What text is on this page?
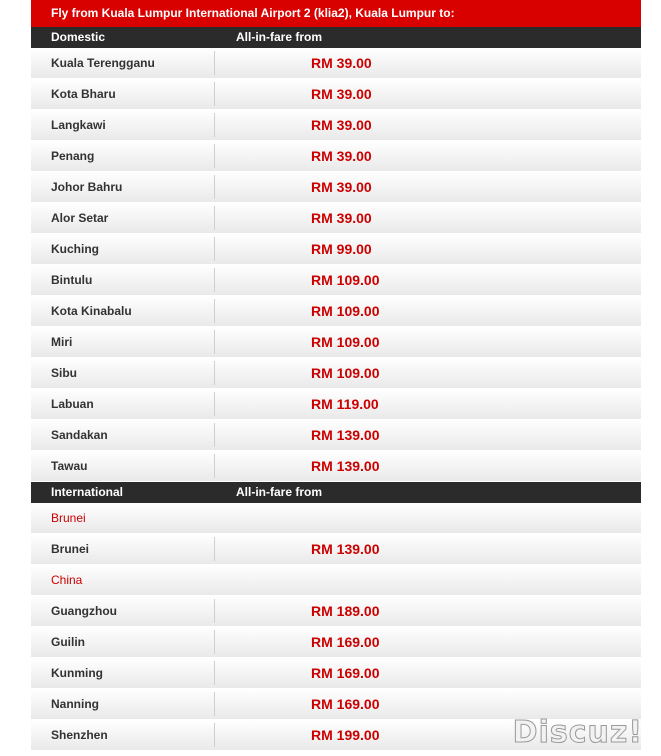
Fly from Kuala Lumpur International Airport 2 (klia2), Kuala Lumpur to:
Domestic	All-in-fare from
Kuala Terengganu	RM 39.00
Kota Bharu	RM 39.00
Langkawi	RM 39.00
Penang	RM 39.00
Johor Bahru	RM 39.00
Alor Setar	RM 39.00
Kuching	RM 99.00
Bintulu	RM 109.00
Kota Kinabalu	RM 109.00
Miri	RM 109.00
Sibu	RM 109.00
Labuan	RM 119.00
Sandakan	RM 139.00
Tawau	RM 139.00
International	All-in-fare from
Brunei
Brunei	RM 139.00
China
Guangzhou	RM 189.00
Guilin	RM 169.00
Kunming	RM 169.00
Nanning	RM 169.00
Shenzhen	RM 199.00	Discuz!
